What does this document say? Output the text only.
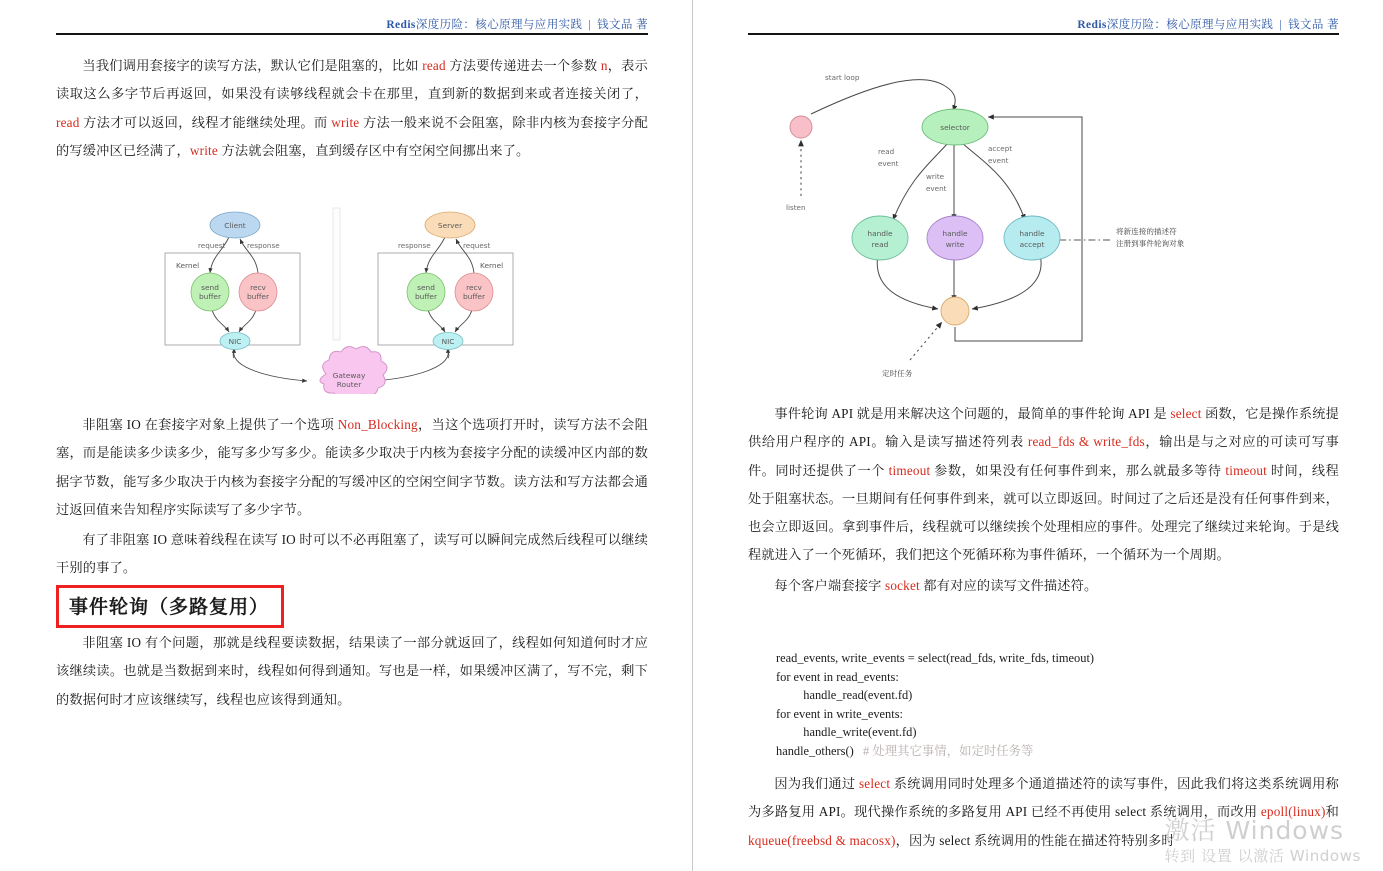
Redis深度历险：核心原理与应用实践 | 钱文品 著

当我们调用套接字的读写方法，默认它们是阻塞的，比如 read 方法要传递进去一个参数 n，表示读取这么多字节后再返回，如果没有读够线程就会卡在那里，直到新的数据到来或者连接关闭了，read 方法才可以返回，线程才能继续处理。而 write 方法一般来说不会阻塞，除非内核为套接字分配的写缓冲区已经满了，write 方法就会阻塞，直到缓存区中有空闲空间挪出来了。

Kernel	Kernel
Client	Server
send
buffer
recv
buffer
send
buffer
recv
buffer
NIC	NIC
Gateway
Router
request	response	response	request

非阻塞 IO 在套接字对象上提供了一个选项 Non_Blocking，当这个选项打开时，读写方法不会阻塞，而是能读多少读多少，能写多少写多少。能读多少取决于内核为套接字分配的读缓冲区内部的数据字节数，能写多少取决于内核为套接字分配的写缓冲区的空闲空间字节数。读方法和写方法都会通过返回值来告知程序实际读写了多少字节。

有了非阻塞 IO 意味着线程在读写 IO 时可以不必再阻塞了，读写可以瞬间完成然后线程可以继续干别的事了。

事件轮询（多路复用）

非阻塞 IO 有个问题，那就是线程要读数据，结果读了一部分就返回了，线程如何知道何时才应该继续读。也就是当数据到来时，线程如何得到通知。写也是一样，如果缓冲区满了，写不完，剩下的数据何时才应该继续写，线程也应该得到通知。

Redis深度历险：核心原理与应用实践 | 钱文品 著
start loop
listen
read
event
write
event
accept
event
定时任务
将新连接的描述符
注册到事件轮询对象
selector
handle
read
handle
write
handle
accept

事件轮询 API 就是用来解决这个问题的，最简单的事件轮询 API 是 select 函数，它是操作系统提供给用户程序的 API。输入是读写描述符列表 read_fds & write_fds，输出是与之对应的可读可写事件。同时还提供了一个 timeout 参数，如果没有任何事件到来，那么就最多等待 timeout 时间，线程处于阻塞状态。一旦期间有任何事件到来，就可以立即返回。时间过了之后还是没有任何事件到来，也会立即返回。拿到事件后，线程就可以继续挨个处理相应的事件。处理完了继续过来轮询。于是线程就进入了一个死循环，我们把这个死循环称为事件循环，一个循环为一个周期。

每个客户端套接字 socket 都有对应的读写文件描述符。

read_events, write_events = select(read_fds, write_fds, timeout)
for event in read_events:
handle_read(event.fd)
for event in write_events:
handle_write(event.fd)
handle_others()   # 处理其它事情，如定时任务等

因为我们通过 select 系统调用同时处理多个通道描述符的读写事件，因此我们将这类系统调用称为多路复用 API。现代操作系统的多路复用 API 已经不再使用 select 系统调用，而改用 epoll(linux)和 kqueue(freebsd & macosx)，因为 select 系统调用的性能在描述符特别多时

激活 Windows
转到 设置 以激活 Windows
